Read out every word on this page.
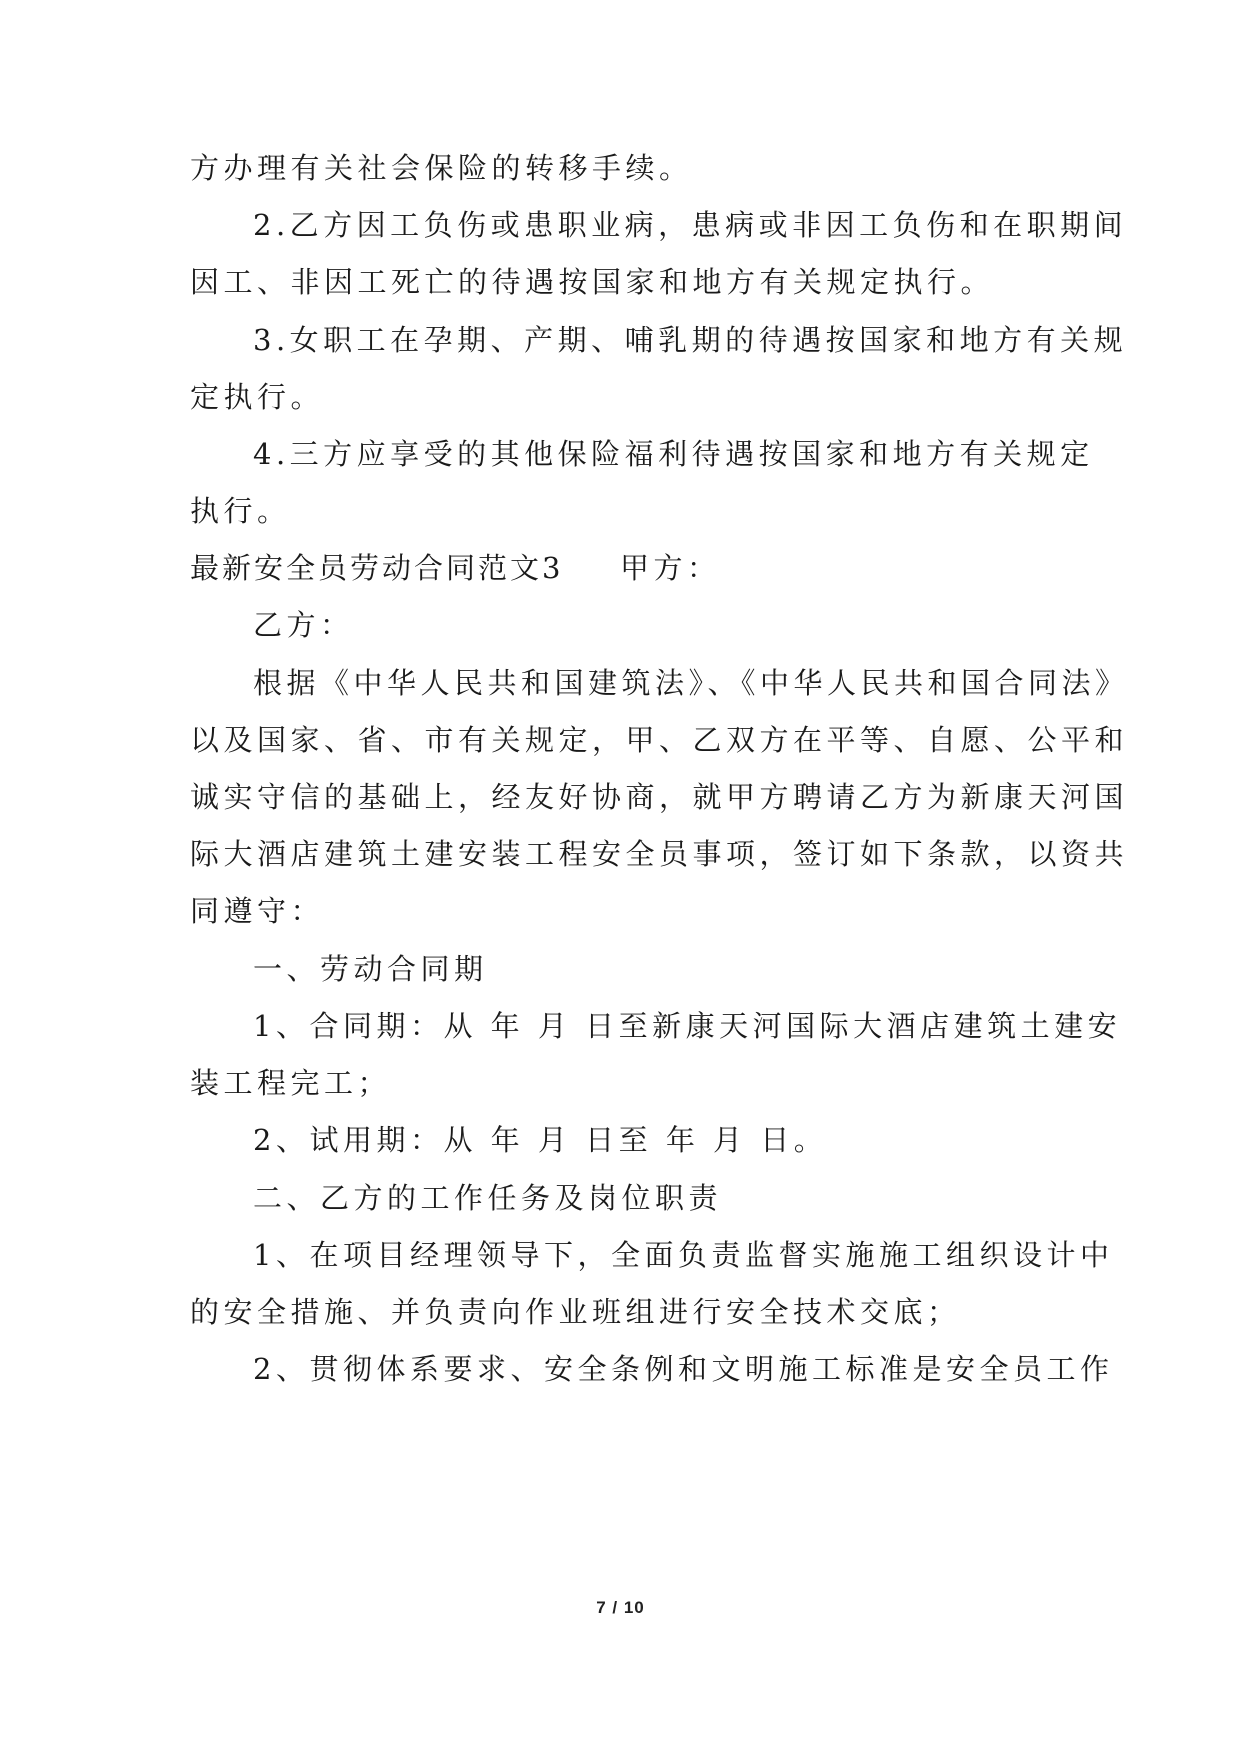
方办理有关社会保险的转移手续。
2.乙方因工负伤或患职业病，患病或非因工负伤和在职期间
因工、非因工死亡的待遇按国家和地方有关规定执行。
3.女职工在孕期、产期、哺乳期的待遇按国家和地方有关规
定执行。
4.三方应享受的其他保险福利待遇按国家和地方有关规定
执行。
最新安全员劳动合同范文3 甲方：
乙方：
根据《中华人民共和国建筑法》、《中华人民共和国合同法》
以及国家、省、市有关规定，甲、乙双方在平等、自愿、公平和
诚实守信的基础上，经友好协商，就甲方聘请乙方为新康天河国
际大酒店建筑土建安装工程安全员事项，签订如下条款，以资共
同遵守：
一、劳动合同期
1、合同期：从 年 月 日至新康天河国际大酒店建筑土建安
装工程完工；
2、试用期：从 年 月 日至 年 月 日。
二、乙方的工作任务及岗位职责
1、在项目经理领导下，全面负责监督实施施工组织设计中
的安全措施、并负责向作业班组进行安全技术交底；
2、贯彻体系要求、安全条例和文明施工标准是安全员工作
7 / 10
